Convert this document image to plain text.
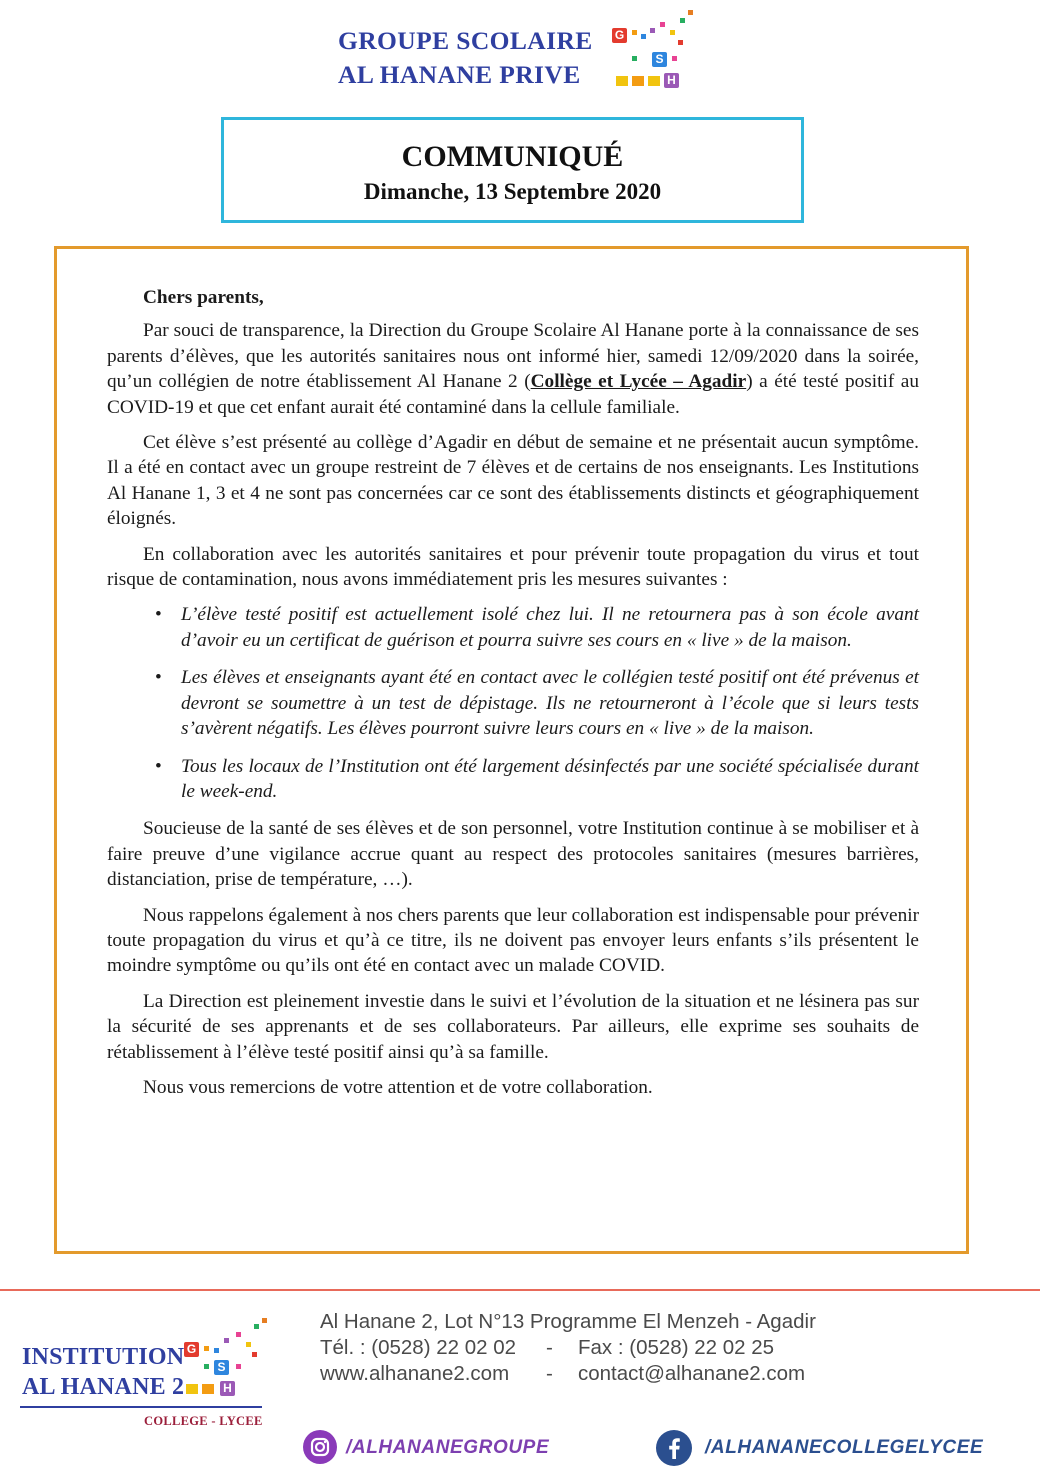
GROUPE SCOLAIRE
AL HANANE PRIVE
G
S
H
COMMUNIQUÉ
Dimanche, 13 Septembre 2020

Chers parents,

Par souci de transparence, la Direction du Groupe Scolaire Al Hanane porte à la connaissance de ses parents d’élèves, que les autorités sanitaires nous ont informé hier, samedi 12/09/2020 dans la soirée, qu’un collégien de notre établissement Al Hanane 2 (Collège et Lycée – Agadir) a été testé positif au COVID-19 et que cet enfant aurait été contaminé dans la cellule familiale.

Cet élève s’est présenté au collège d’Agadir en début de semaine et ne présentait aucun symptôme. Il a été en contact avec un groupe restreint de 7 élèves et de certains de nos enseignants. Les Institutions Al Hanane 1, 3 et 4 ne sont pas concernées car ce sont des établissements distincts et géographiquement éloignés.

En collaboration avec les autorités sanitaires et pour prévenir toute propagation du virus et tout risque de contamination, nous avons immédiatement pris les mesures suivantes :

• L’élève testé positif est actuellement isolé chez lui. Il ne retournera pas à son école avant d’avoir eu un certificat de guérison et pourra suivre ses cours en « live » de la maison.
• Les élèves et enseignants ayant été en contact avec le collégien testé positif ont été prévenus et devront se soumettre à un test de dépistage. Ils ne retourneront à l’école que si leurs tests s’avèrent négatifs. Les élèves pourront suivre leurs cours en « live » de la maison.
• Tous les locaux de l’Institution ont été largement désinfectés par une société spécialisée durant le week-end.

Soucieuse de la santé de ses élèves et de son personnel, votre Institution continue à se mobiliser et à faire preuve d’une vigilance accrue quant au respect des protocoles sanitaires (mesures barrières, distanciation, prise de température, …).

Nous rappelons également à nos chers parents que leur collaboration est indispensable pour prévenir toute propagation du virus et qu’à ce titre, ils ne doivent pas envoyer leurs enfants s’ils présentent le moindre symptôme ou qu’ils ont été en contact avec un malade COVID.

La Direction est pleinement investie dans le suivi et l’évolution de la situation et ne lésinera pas sur la sécurité de ses apprenants et de ses collaborateurs. Par ailleurs, elle exprime ses souhaits de rétablissement à l’élève testé positif ainsi qu’à sa famille.

Nous vous remercions de votre attention et de votre collaboration.

INSTITUTION
AL HANANE 2
G
S
H
COLLEGE - LYCEE
Al Hanane 2, Lot N°13 Programme El Menzeh - Agadir
Tél. : (0528) 22 02 02 - Fax : (0528) 22 02 25
www.alhanane2.com - contact@alhanane2.com
/ALHANANEGROUPE	/ALHANANECOLLEGELYCEE
